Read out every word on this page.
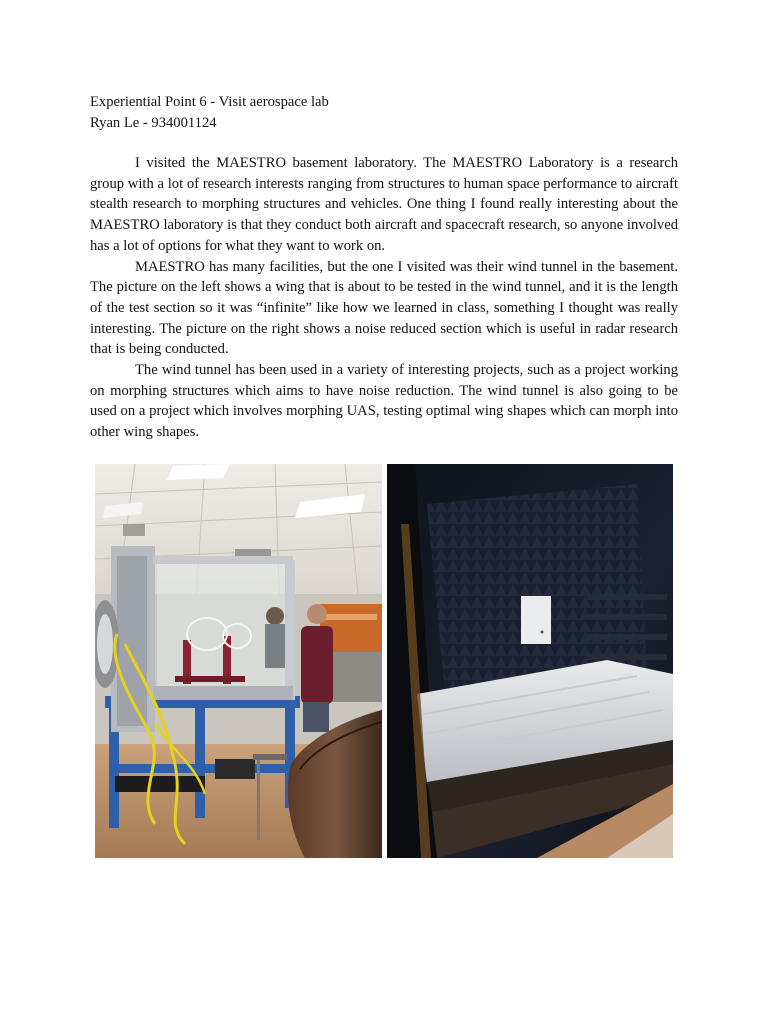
Experiential Point 6 - Visit aerospace lab

Ryan Le - 934001124

I visited the MAESTRO basement laboratory. The MAESTRO Laboratory is a research group with a lot of research interests ranging from structures to human space performance to aircraft stealth research to morphing structures and vehicles. One thing I found really interesting about the MAESTRO laboratory is that they conduct both aircraft and spacecraft research, so anyone involved has a lot of options for what they want to work on.

MAESTRO has many facilities, but the one I visited was their wind tunnel in the basement. The picture on the left shows a wing that is about to be tested in the wind tunnel, and it is the length of the test section so it was “infinite” like how we learned in class, something I thought was really interesting. The picture on the right shows a noise reduced section which is useful in radar research that is being conducted.

The wind tunnel has been used in a variety of interesting projects, such as a project working on morphing structures which aims to have noise reduction. The wind tunnel is also going to be used on a project which involves morphing UAS, testing optimal wing shapes which can morph into other wing shapes.
